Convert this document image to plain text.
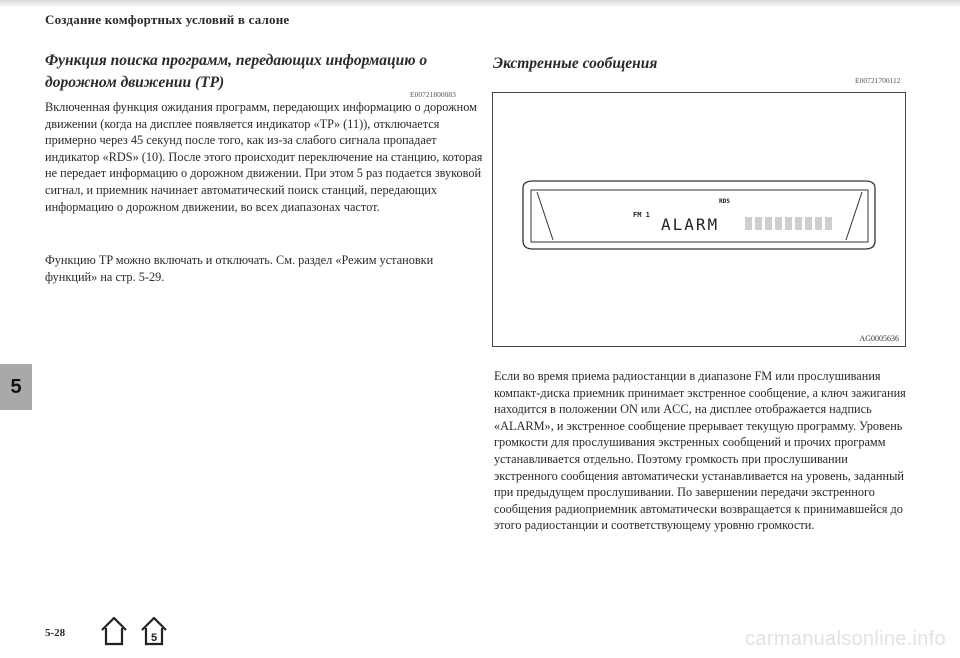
Создание комфортных условий в салоне
Функция поиска программ, передающих информацию о дорожном движении (TP)
E00721800083
Включенная функция ожидания программ, передающих информацию о дорожном движении (когда на дисплее появляется индикатор «TP» (11)), отключается примерно через 45 секунд после того, как из-за слабого сигнала пропадает индикатор «RDS» (10). После этого происходит переключение на станцию, которая не передает информацию о дорожном движении. При этом 5 раз подается звуковой сигнал, и приемник начинает автоматический поиск станций, передающих информацию о дорожном движении, во всех диапазонах частот.
Функцию TP можно включать и отключать. См. раздел «Режим установки функций» на стр. 5-29.
Экстренные сообщения
E00721700112
FM 1
RDS
ALARM
AG0005636
Если во время приема радиостанции в диапазоне FM или прослушивания компакт-диска приемник принимает экстренное сообщение, а ключ зажигания находится в положении ON или ACC, на дисплее отображается надпись «ALARM», и экстренное сообщение прерывает текущую программу. Уровень громкости для прослушивания экстренных сообщений и прочих программ устанавливается отдельно. Поэтому громкость при прослушивании экстренного сообщения автоматически устанавливается на уровень, заданный при предыдущем прослушивании. По завершении передачи экстренного сообщения радиоприемник автоматически возвращается к принимавшейся до этого радиостанции и соответствующему уровню громкости.
5
5-28	5	carmanualsonline.info
